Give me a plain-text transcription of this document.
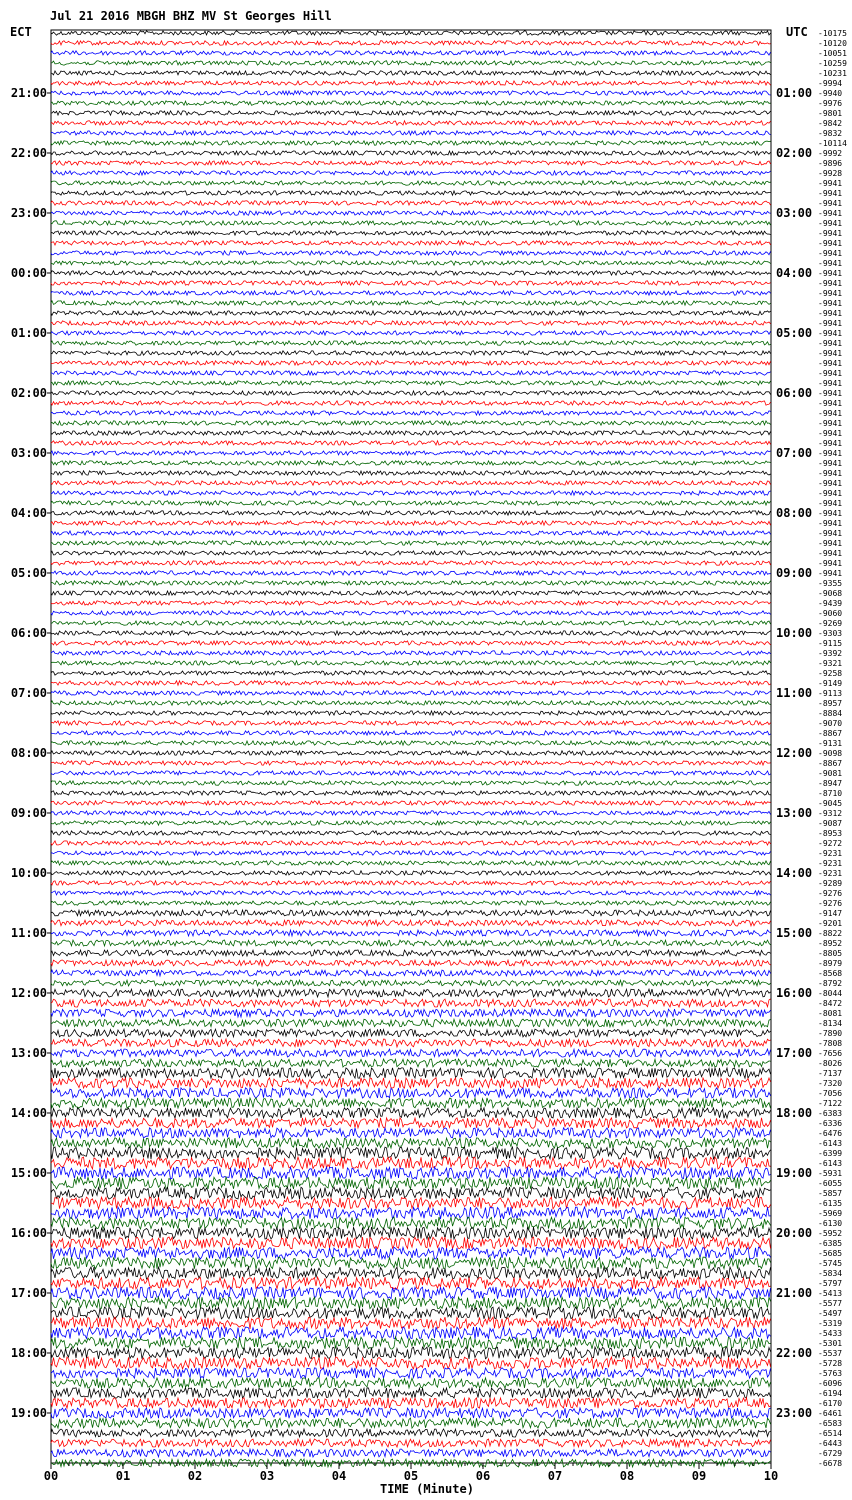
Jul 21 2016 MBGH BHZ MV St Georges Hill
ECT	UTC
TIME (Minute)
21:00
22:00
23:00
00:00
01:00
02:00
03:00
04:00
05:00
06:00
07:00
08:00
09:00
10:00
11:00
12:00
13:00
14:00
15:00
16:00
17:00
18:00
19:00
01:00
02:00
03:00
04:00
05:00
06:00
07:00
08:00
09:00
10:00
11:00
12:00
13:00
14:00
15:00
16:00
17:00
18:00
19:00
20:00
21:00
22:00
23:00
-10175
-10120
-10051
-10259
-10231
-9994
-9940
-9976
-9801
-9842
-9832
-10114
-9992
-9896
-9928
-9941
-9941
-9941
-9941
-9941
-9941
-9941
-9941
-9941
-9941
-9941
-9941
-9941
-9941
-9941
-9941
-9941
-9941
-9941
-9941
-9941
-9941
-9941
-9941
-9941
-9941
-9941
-9941
-9941
-9941
-9941
-9941
-9941
-9941
-9941
-9941
-9941
-9941
-9941
-9941
-9355
-9068
-9439
-9060
-9269
-9303
-9115
-9392
-9321
-9258
-9149
-9113
-8957
-8884
-9070
-8867
-9131
-9098
-8867
-9081
-8947
-8710
-9045
-9312
-9087
-8953
-9272
-9231
-9231
-9231
-9289
-9276
-9276
-9147
-9201
-8822
-8952
-8805
-8979
-8568
-8792
-8044
-8472
-8081
-8134
-7890
-7808
-7656
-8026
-7137
-7320
-7056
-7122
-6383
-6336
-6476
-6143
-6399
-6143
-5931
-6055
-5857
-6135
-5969
-6130
-5952
-6385
-5685
-5745
-5834
-5797
-5413
-5577
-5497
-5319
-5433
-5301
-5537
-5728
-5763
-6096
-6194
-6170
-6461
-6583
-6514
-6443
-6729
-6678
00	01	02	03	04	05	06	07	08	09	10
